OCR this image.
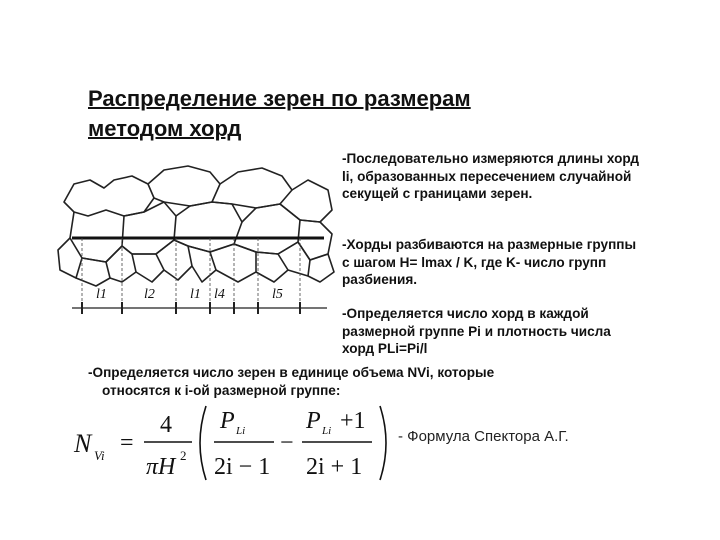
Распределение зерен по размерам методом хорд
l1	l2	l1 l4	l5
-Последовательно измеряются длины хорд li, образованных пересечением случайной секущей с границами зерен.
-Хорды разбиваются на размерные группы с шагом H= lmax / K, где K- число групп разбиения.
-Определяется число хорд в каждой размерной группе Pi и плотность числа хорд PLi=Pi/l
-Определяется число зерен в единице объема NVi, которые
относятся к i-ой размерной группе:
N Vi =
4
πH 2
P Li
2i − 1
−
P Li +1
2i + 1
- Формула Спектора А.Г.
